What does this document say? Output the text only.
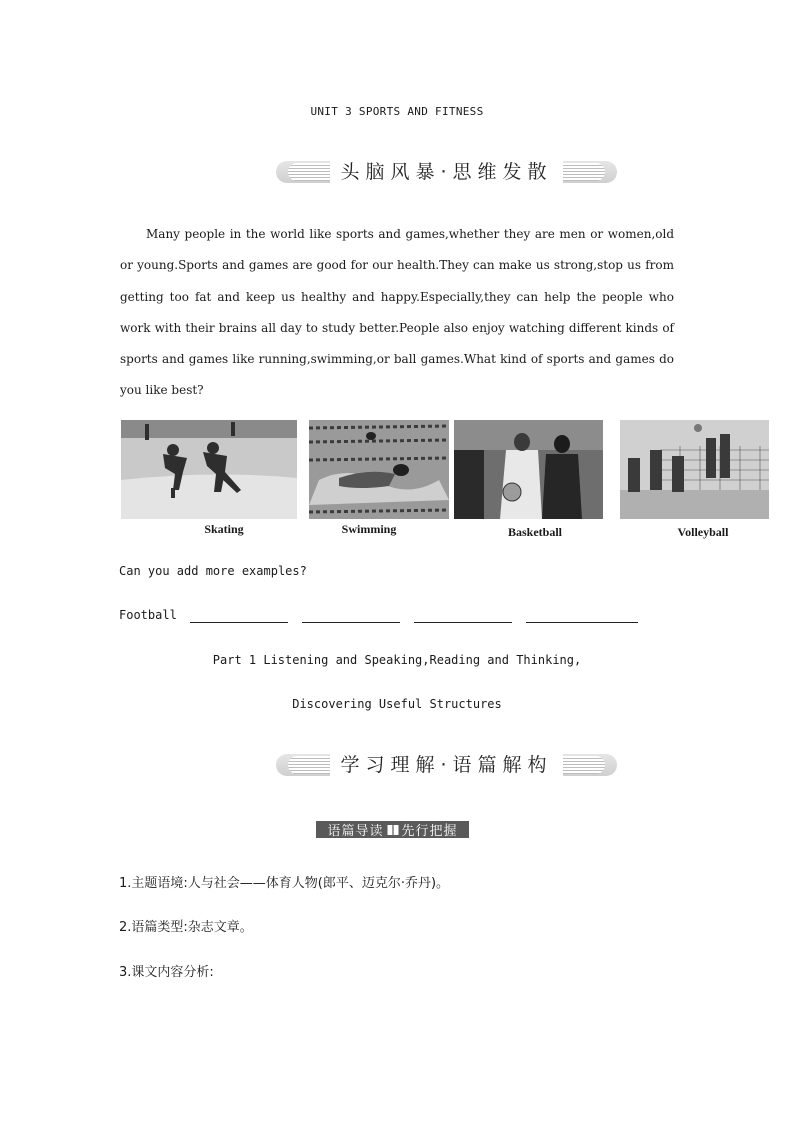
UNIT 3 SPORTS AND FITNESS
头脑风暴·思维发散

Many people in the world like sports and games,whether they are men or women,old or young.Sports and games are good for our health.They can make us strong,stop us from getting too fat and keep us healthy and happy.Especially,they can help the people who work with their brains all day to study better.People also enjoy watching different kinds of sports and games like running,swimming,or ball games.What kind of sports and games do you like best?

Skating	Swimming	Basketball	Volleyball
Can you add more examples?
Football
Part 1 Listening and Speaking,Reading and Thinking,
Discovering Useful Structures
学习理解·语篇解构
语篇导读 先行把握
1.主题语境:人与社会——体育人物(郎平、迈克尔·乔丹)。
2.语篇类型:杂志文章。
3.课文内容分析:
